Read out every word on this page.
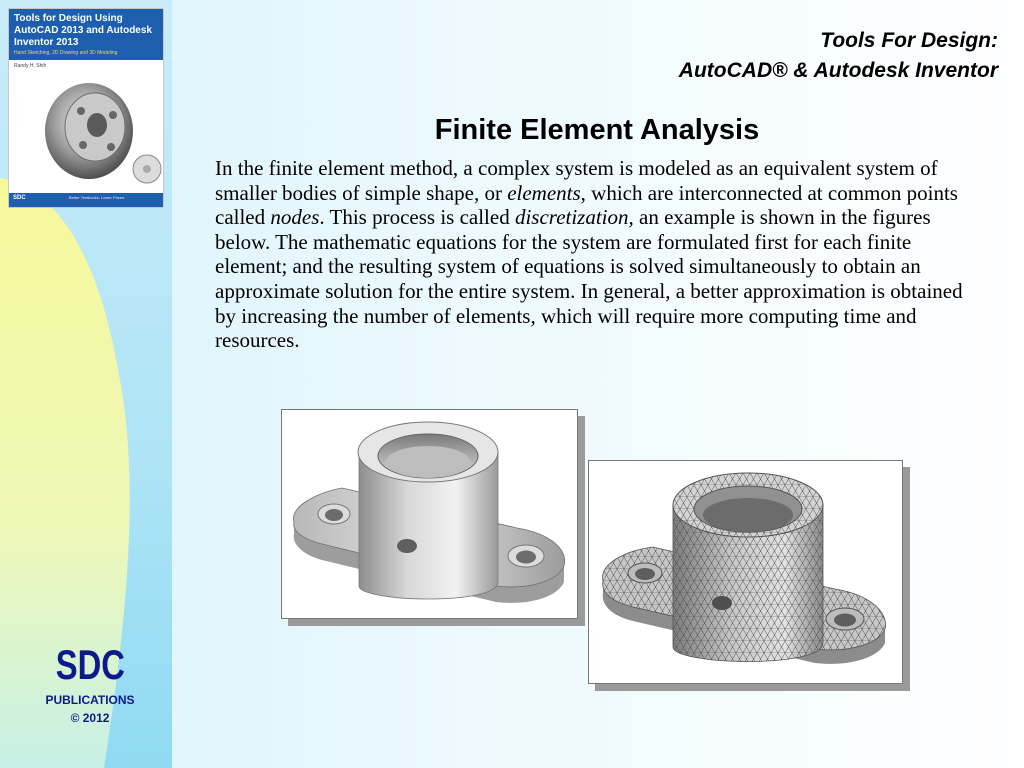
Tools for Design Using AutoCAD 2013 and Autodesk Inventor 2013
Hand Sketching, 2D Drawing and 3D Modeling
Randy H. Shih
SDC	Better Textbooks. Lower Prices.
SDC
PUBLICATIONS
© 2012
Tools For Design:
AutoCAD® & Autodesk Inventor
Finite Element Analysis
In the finite element method, a complex system is modeled as an equivalent system of smaller bodies of simple shape, or elements, which are interconnected at common points called nodes. This process is called discretization, an example is shown in the figures below. The mathematic equations for the system are formulated first for each finite element; and the resulting system of equations is solved simultaneously to obtain an approximate solution for the entire system. In general, a better approximation is obtained by increasing the number of elements, which will require more computing time and resources.
